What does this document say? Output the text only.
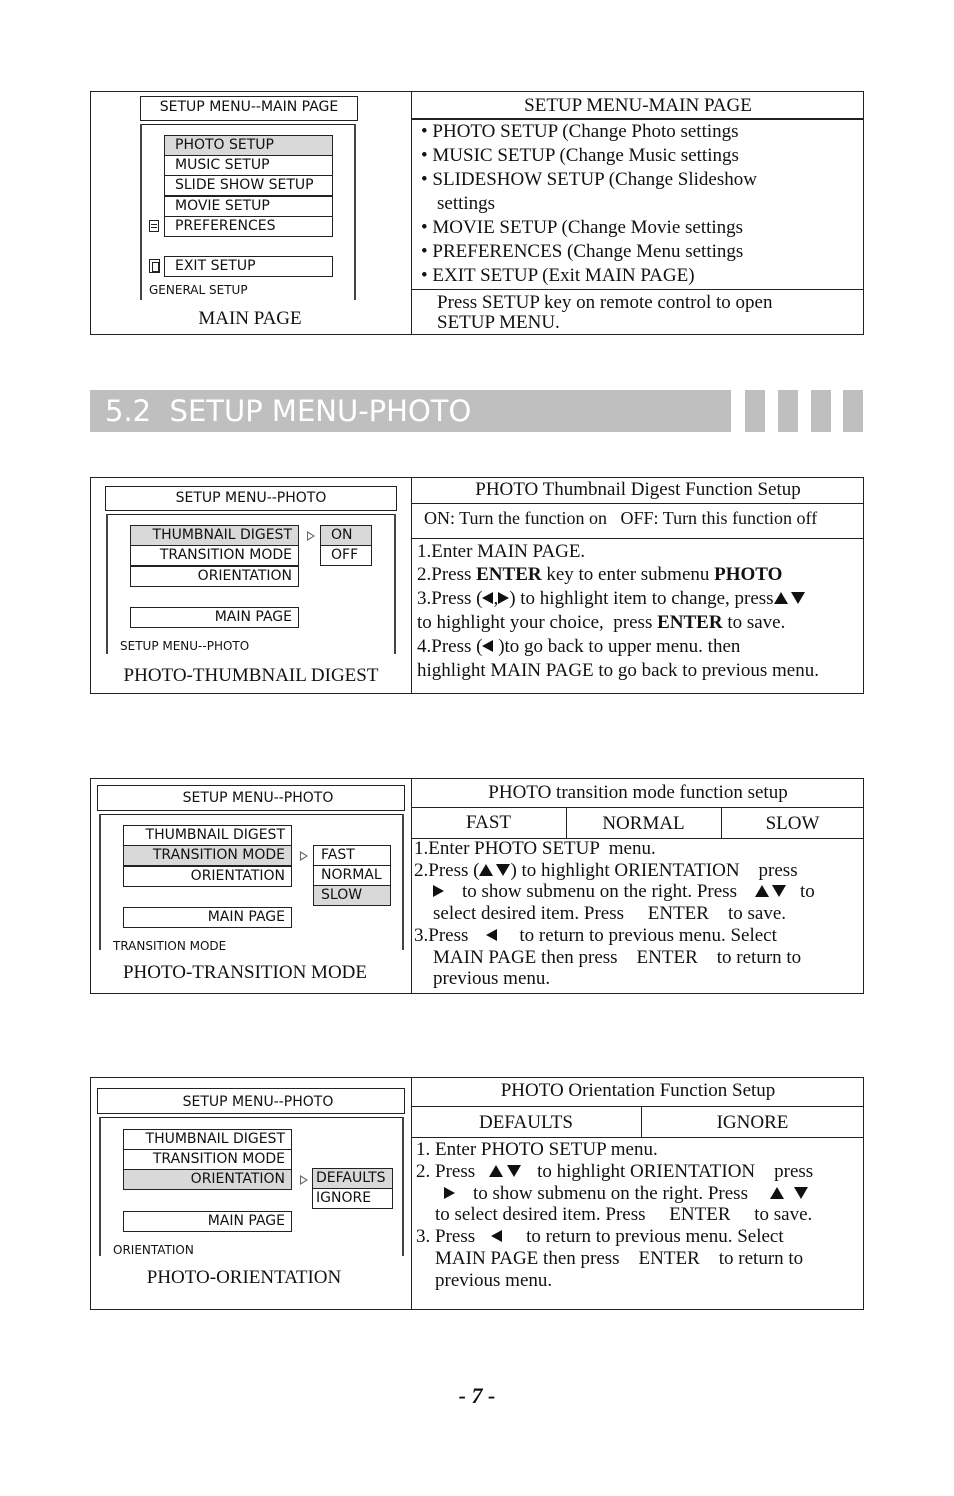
SETUP MENU--MAIN PAGE
PHOTO SETUP
MUSIC SETUP
SLIDE SHOW SETUP
MOVIE SETUP
PREFERENCES
EXIT SETUP
GENERAL SETUP
MAIN PAGE
SETUP MENU-MAIN PAGE
• PHOTO SETUP (Change Photo settings
• MUSIC SETUP (Change Music settings
• SLIDESHOW SETUP (Change Slideshow
settings
• MOVIE SETUP (Change Movie settings
• PREFERENCES (Change Menu settings
• EXIT SETUP (Exit MAIN PAGE)
Press SETUP key on remote control to open
SETUP MENU.
5.2  SETUP MENU-PHOTO
SETUP MENU--PHOTO
THUMBNAIL DIGEST
TRANSITION MODE
ORIENTATION
ON
OFF
MAIN PAGE
SETUP MENU--PHOTO
PHOTO-THUMBNAIL DIGEST
PHOTO Thumbnail Digest Function Setup
ON: Turn the function on   OFF: Turn this function off
1.Enter MAIN PAGE.
2.Press ENTER key to enter submenu PHOTO
3.Press ( , ) to highlight item to change, press
to highlight your choice,  press ENTER to save.
4.Press ( )to go back to upper menu. then
highlight MAIN PAGE to go back to previous menu.
SETUP MENU--PHOTO
THUMBNAIL DIGEST
TRANSITION MODE
ORIENTATION
FAST
NORMAL
SLOW
MAIN PAGE
TRANSITION MODE
PHOTO-TRANSITION MODE
PHOTO transition mode function setup
FAST	NORMAL	SLOW
1.Enter PHOTO SETUP  menu.
2.Press ( ) to highlight ORIENTATION    press
to show submenu on the right. Press	to
select desired item. Press     ENTER    to save.
3.Press	to return to previous menu. Select
MAIN PAGE then press    ENTER    to return to
previous menu.
SETUP MENU--PHOTO
THUMBNAIL DIGEST
TRANSITION MODE
ORIENTATION	DEFAULTS
IGNORE
MAIN PAGE
ORIENTATION
PHOTO-ORIENTATION
PHOTO Orientation Function Setup
DEFAULTS	IGNORE
1. Enter PHOTO SETUP menu.
2. Press	to highlight ORIENTATION    press
to show submenu on the right. Press
to select desired item. Press     ENTER     to save.
3. Press	to return to previous menu. Select
MAIN PAGE then press    ENTER    to return to
previous menu.
- 7 -
